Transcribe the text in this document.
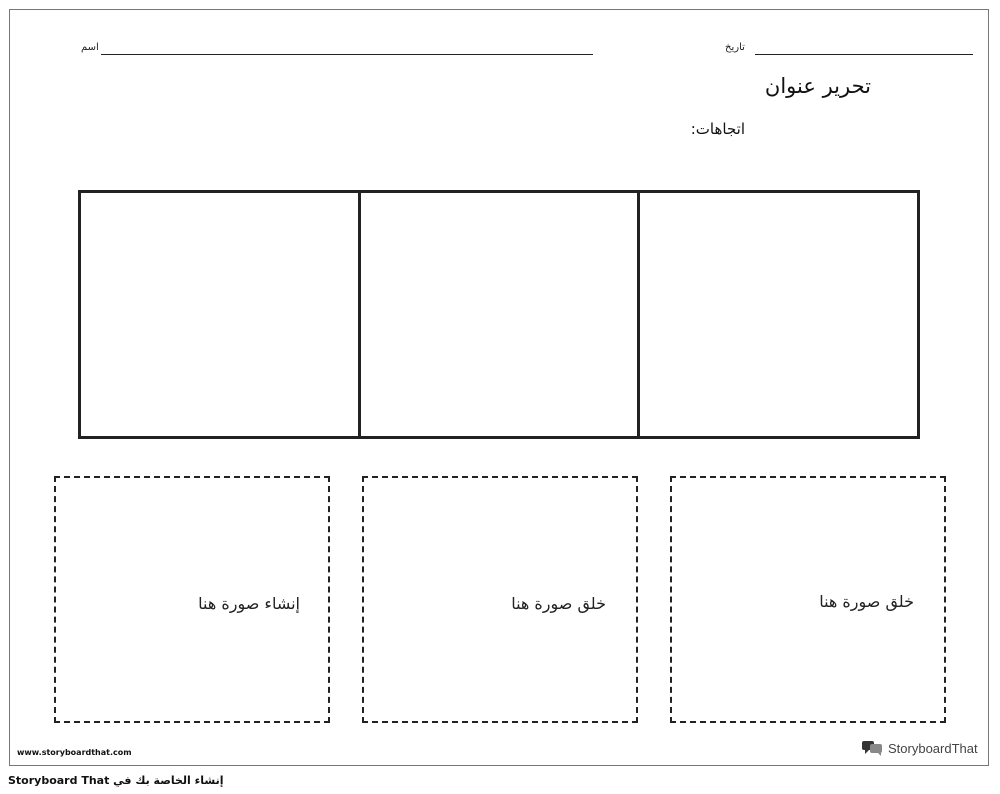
اسم	تاريخ
تحرير عنوان
اتجاهات:
إنشاء صورة هنا	خلق صورة هنا	خلق صورة هنا
www.storyboardthat.com	StoryboardThat
إنشاء الخاصة بك في Storyboard That
